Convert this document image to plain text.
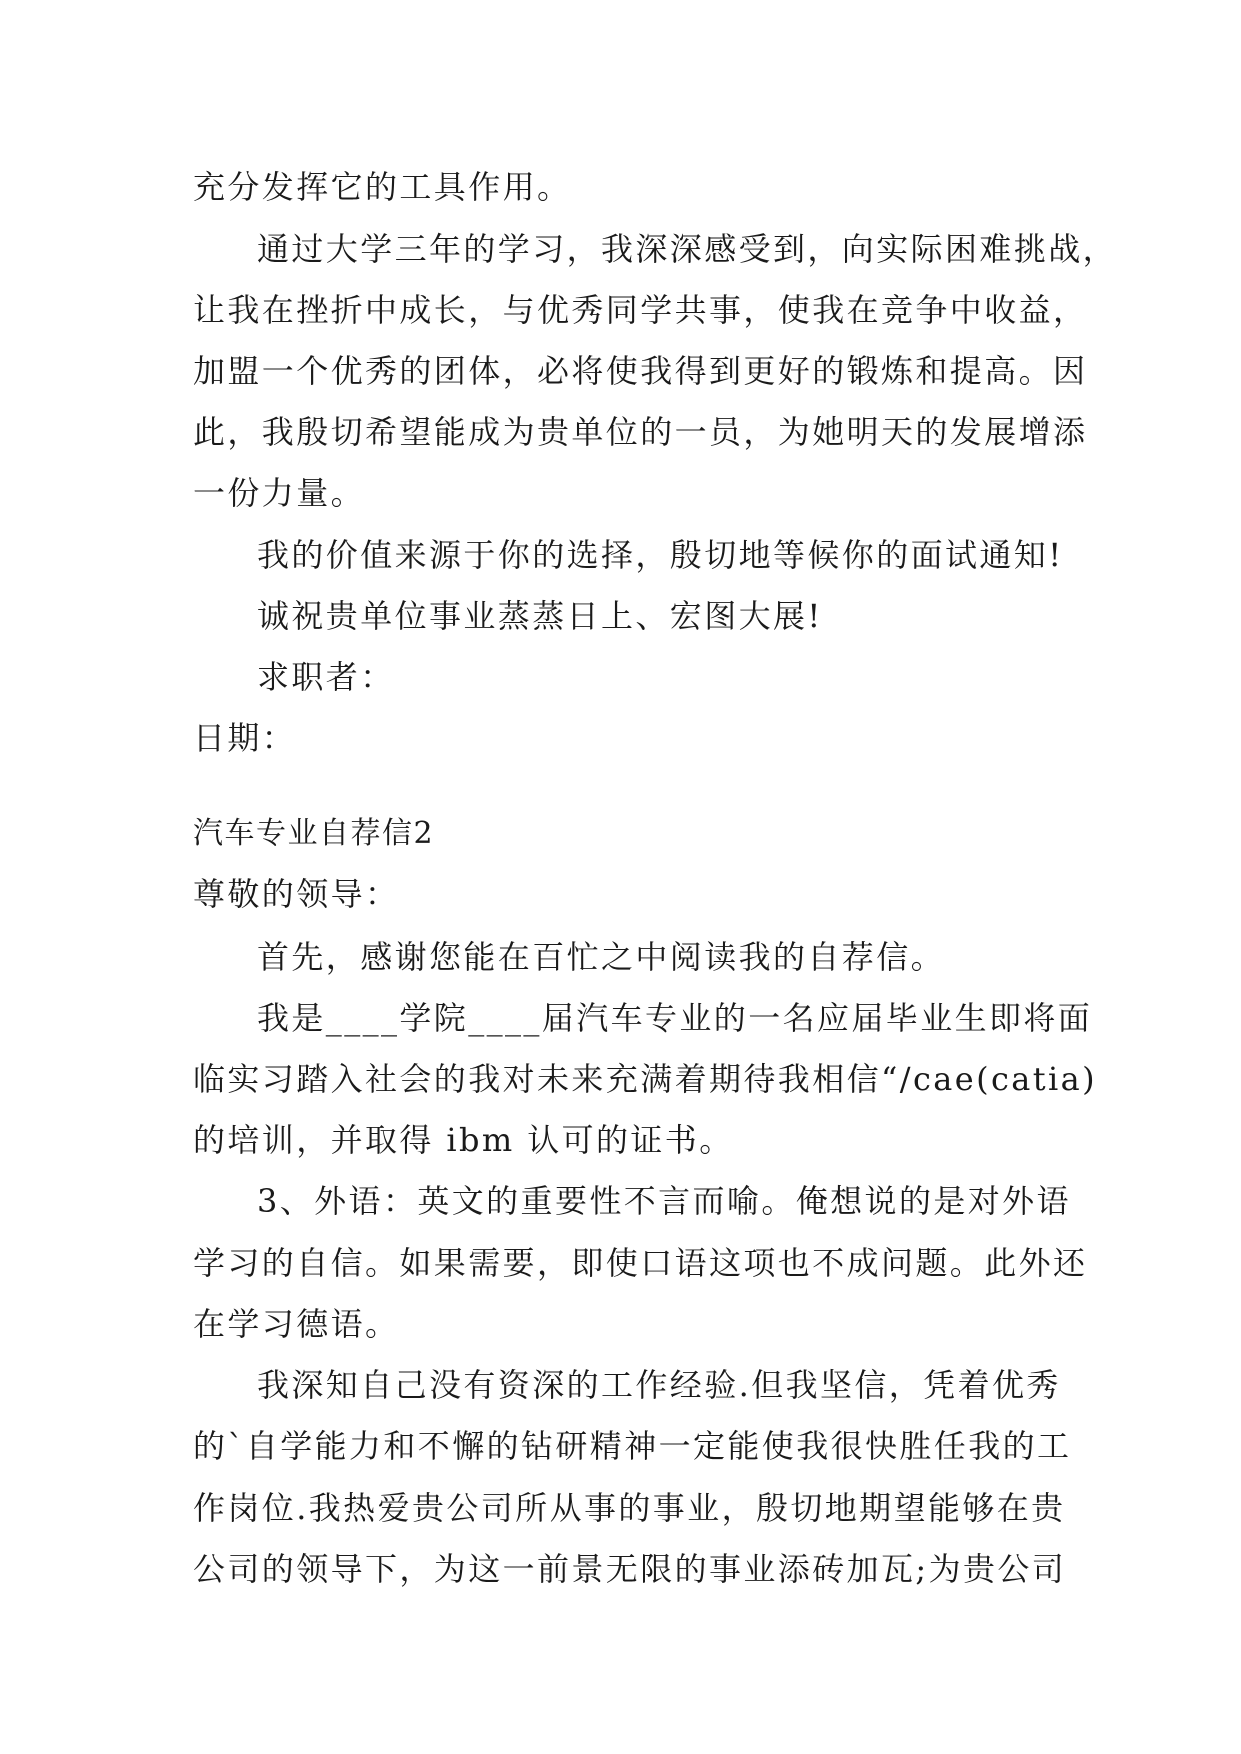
充分发挥它的工具作用。
通过大学三年的学习，我深深感受到，向实际困难挑战，
让我在挫折中成长，与优秀同学共事，使我在竞争中收益，
加盟一个优秀的团体，必将使我得到更好的锻炼和提高。因
此，我殷切希望能成为贵单位的一员，为她明天的发展增添
一份力量。
我的价值来源于你的选择，殷切地等候你的面试通知!
诚祝贵单位事业蒸蒸日上、宏图大展!
求职者：
日期：
汽车专业自荐信2
尊敬的领导：
首先，感谢您能在百忙之中阅读我的自荐信。
我是____学院____届汽车专业的一名应届毕业生即将面
临实习踏入社会的我对未来充满着期待我相信“/cae(catia)
的培训，并取得 ibm 认可的证书。
3、外语：英文的重要性不言而喻。俺想说的是对外语
学习的自信。如果需要，即使口语这项也不成问题。此外还
在学习德语。
我深知自己没有资深的工作经验.但我坚信，凭着优秀
的`自学能力和不懈的钻研精神一定能使我很快胜任我的工
作岗位.我热爱贵公司所从事的事业，殷切地期望能够在贵
公司的领导下，为这一前景无限的事业添砖加瓦;为贵公司
